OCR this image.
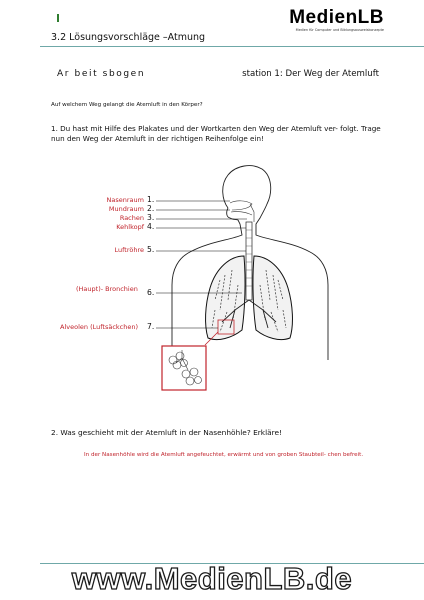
MedienLB
Medien für Computer und Bildungsausweiskonzepte
3.2 Lösungsvorschläge –Atmung
Ar beit sbogen	station 1: Der Weg der Atemluft
Auf welchem Weg gelangt die Atemluft in den Körper?
1. Du hast mit Hilfe des Plakates und der Wortkarten den Weg der Atemluft ver- folgt. Trage nun den Weg der Atemluft in der richtigen Reihenfolge ein!
Nasenraum 1.
Mundraum 2.
Rachen 3.
Kehlkopf 4.
Luftröhre 5.
(Haupt)- Bronchien 6.
Alveolen (Luftsäckchen) 7.
2. Was geschieht mit der Atemluft in der Nasenhöhle? Erkläre!
In der Nasenhöhle wird die Atemluft angefeuchtet, erwärmt und von groben Staubteil- chen befreit.
www.MedienLB.de
